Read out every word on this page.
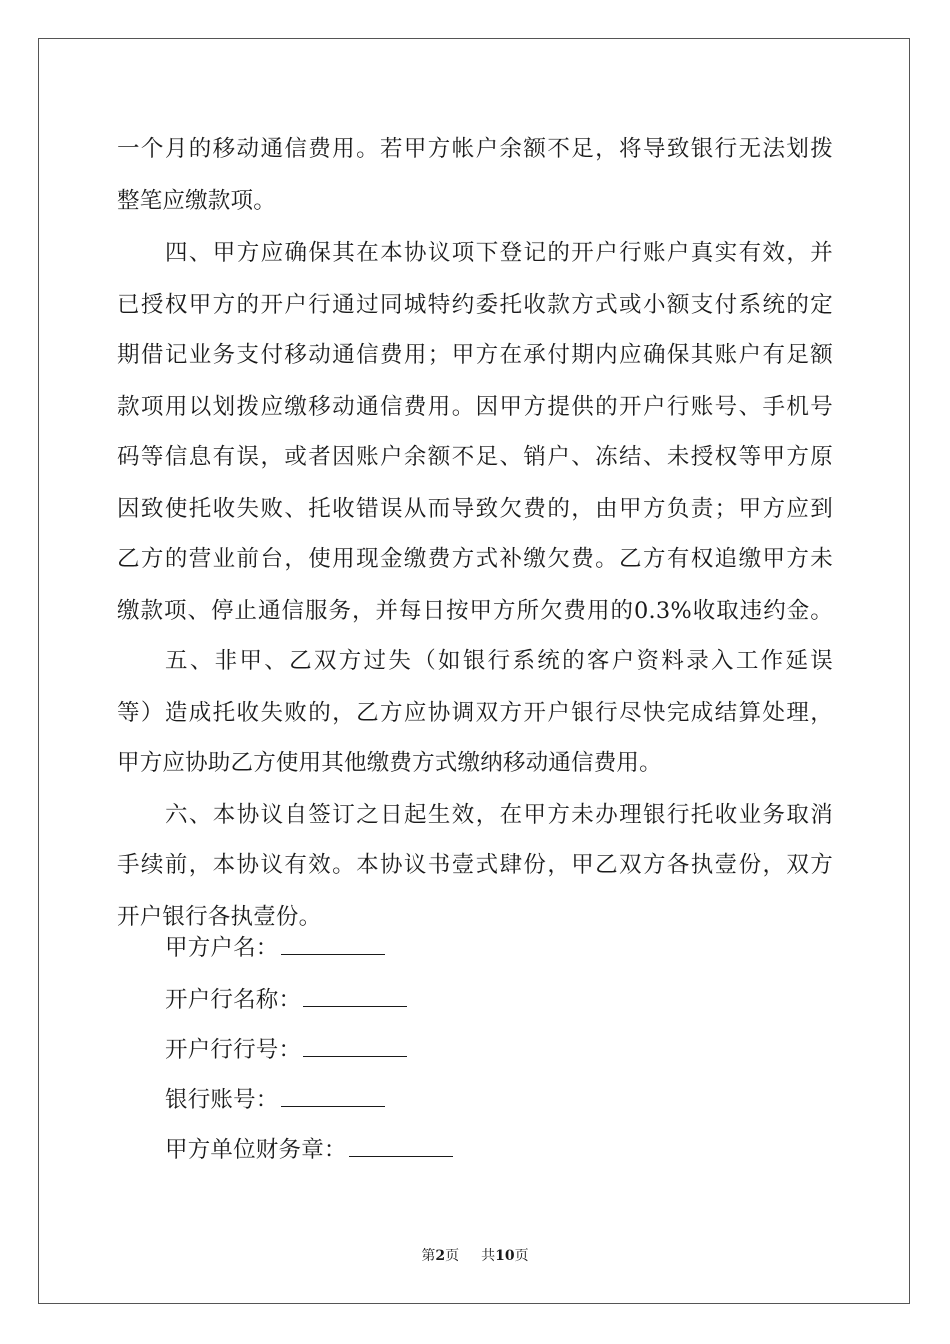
一个月的移动通信费用。若甲方帐户余额不足，将导致银行无法划拨
整笔应缴款项。
四、甲方应确保其在本协议项下登记的开户行账户真实有效，并
已授权甲方的开户行通过同城特约委托收款方式或小额支付系统的定
期借记业务支付移动通信费用；甲方在承付期内应确保其账户有足额
款项用以划拨应缴移动通信费用。因甲方提供的开户行账号、手机号
码等信息有误，或者因账户余额不足、销户、冻结、未授权等甲方原
因致使托收失败、托收错误从而导致欠费的，由甲方负责；甲方应到
乙方的营业前台，使用现金缴费方式补缴欠费。乙方有权追缴甲方未
缴款项、停止通信服务，并每日按甲方所欠费用的0.3%收取违约金。
五、非甲、乙双方过失（如银行系统的客户资料录入工作延误
等）造成托收失败的，乙方应协调双方开户银行尽快完成结算处理，
甲方应协助乙方使用其他缴费方式缴纳移动通信费用。
六、本协议自签订之日起生效，在甲方未办理银行托收业务取消
手续前，本协议有效。本协议书壹式肆份，甲乙双方各执壹份，双方
开户银行各执壹份。
甲方户名：
开户行名称：
开户行行号：
银行账号：
甲方单位财务章：
第2页 共10页
